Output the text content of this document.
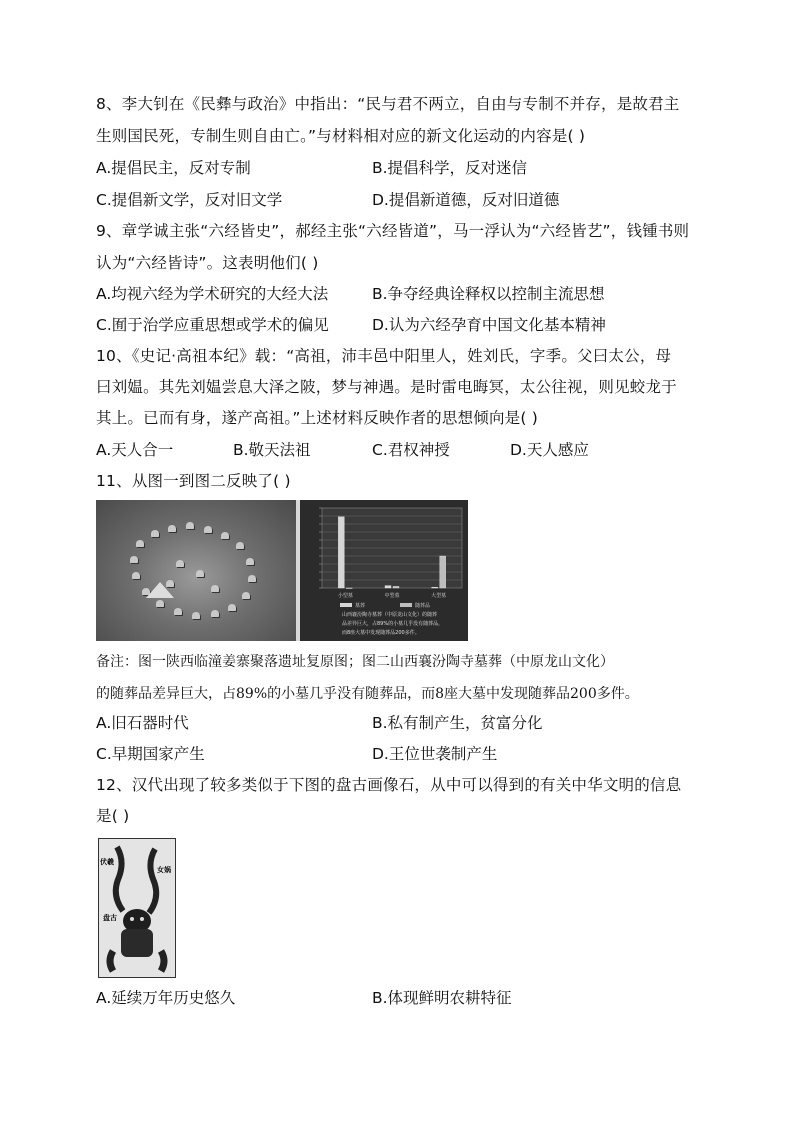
8、李大钊在《民彝与政治》中指出：“民与君不两立，自由与专制不并存，是故君主
生则国民死，专制生则自由亡。”与材料相对应的新文化运动的内容是( )
A.提倡民主，反对专制	B.提倡科学，反对迷信
C.提倡新文学，反对旧文学	D.提倡新道德，反对旧道德
9、章学诚主张“六经皆史”，郝经主张“六经皆道”，马一浮认为“六经皆艺”，钱锺书则
认为“六经皆诗”。这表明他们( )
A.均视六经为学术研究的大经大法	B.争夺经典诠释权以控制主流思想
C.囿于治学应重思想或学术的偏见	D.认为六经孕育中国文化基本精神
10、《史记·高祖本纪》载：“高祖，沛丰邑中阳里人，姓刘氏，字季。父曰太公，母
曰刘媪。其先刘媪尝息大泽之陂，梦与神遇。是时雷电晦冥，太公往视，则见蛟龙于
其上。已而有身，遂产高祖。”上述材料反映作者的思想倾向是( )
A.天人合一	B.敬天法祖	C.君权神授	D.天人感应
11、从图一到图二反映了( )
小型墓	中型墓	大型墓
墓葬	随葬品
山西襄汾陶寺墓葬（中原龙山文化）的随葬
品差异巨大，占89%的小墓几乎没有随葬品，
而8座大墓中发现随葬品200多件。
备注：图一陕西临潼姜寨聚落遗址复原图；图二山西襄汾陶寺墓葬（中原龙山文化）
的随葬品差异巨大，占89%的小墓几乎没有随葬品，而8座大墓中发现随葬品200多件。
A.旧石器时代	B.私有制产生，贫富分化
C.早期国家产生	D.王位世袭制产生
12、汉代出现了较多类似于下图的盘古画像石，从中可以得到的有关中华文明的信息
是( )
伏羲
女娲
盘古
A.延续万年历史悠久	B.体现鲜明农耕特征
